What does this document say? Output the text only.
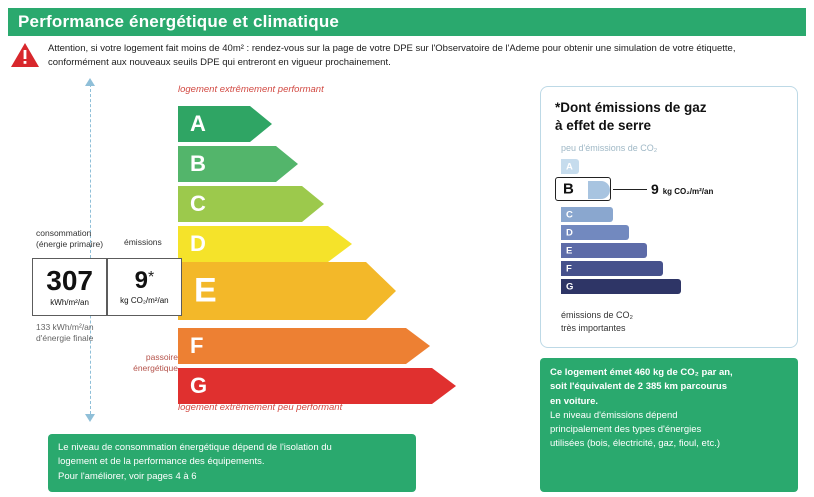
Performance énergétique et climatique
Attention, si votre logement fait moins de 40m² : rendez-vous sur la page de votre DPE sur l'Observatoire de l'Ademe pour obtenir une simulation de votre étiquette,
conformément aux nouveaux seuils DPE qui entreront en vigueur prochainement.
logement extrêmement performant
A
B
C
D
E
F
G
logement extrêmement peu performant
consommation
(énergie primaire)	émissions
307
kWh/m²/an
9 *
kg CO₂/m²/an
133 kWh/m²/an
d'énergie finale
passoire
énergétique
Le niveau de consommation énergétique dépend de l'isolation du
logement et de la performance des équipements.
Pour l'améliorer, voir pages 4 à 6
*Dont émissions de gaz
à effet de serre
peu d'émissions de CO₂
A
B	9 kg CO₂/m²/an
C
D
E
F
G
émissions de CO₂
très importantes
Ce logement émet 460 kg de CO₂ par an,
soit l'équivalent de 2 385 km parcourus
en voiture.
Le niveau d'émissions dépend
principalement des types d'énergies
utilisées (bois, électricité, gaz, fioul, etc.)
